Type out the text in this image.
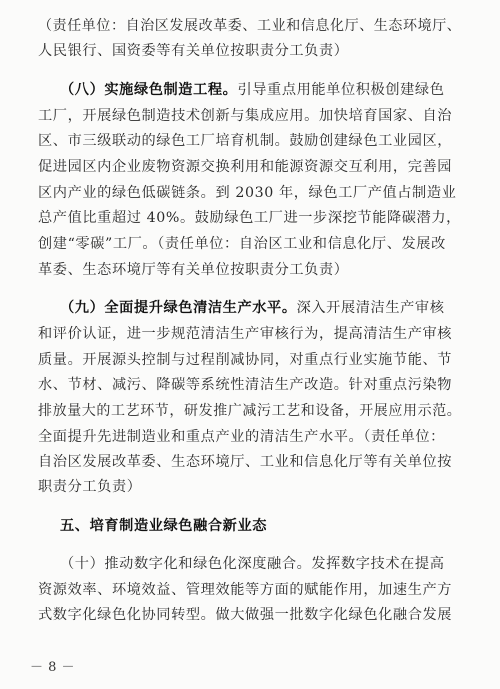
（责任单位：自治区发展改革委、工业和信息化厅、生态环境厅、
人民银行、国资委等有关单位按职责分工负责）
（八）实施绿色制造工程。引导重点用能单位积极创建绿色
工厂，开展绿色制造技术创新与集成应用。加快培育国家、自治
区、市三级联动的绿色工厂培育机制。鼓励创建绿色工业园区，
促进园区内企业废物资源交换利用和能源资源交互利用，完善园
区内产业的绿色低碳链条。到 2030 年，绿色工厂产值占制造业
总产值比重超过 40%。鼓励绿色工厂进一步深挖节能降碳潜力，
创建“零碳”工厂。（责任单位：自治区工业和信息化厅、发展改
革委、生态环境厅等有关单位按职责分工负责）
（九）全面提升绿色清洁生产水平。深入开展清洁生产审核
和评价认证，进一步规范清洁生产审核行为，提高清洁生产审核
质量。开展源头控制与过程削减协同，对重点行业实施节能、节
水、节材、减污、降碳等系统性清洁生产改造。针对重点污染物
排放量大的工艺环节，研发推广减污工艺和设备，开展应用示范。
全面提升先进制造业和重点产业的清洁生产水平。（责任单位：
自治区发展改革委、生态环境厅、工业和信息化厅等有关单位按
职责分工负责）
五、培育制造业绿色融合新业态
（十）推动数字化和绿色化深度融合。发挥数字技术在提高
资源效率、环境效益、管理效能等方面的赋能作用，加速生产方
式数字化绿色化协同转型。做大做强一批数字化绿色化融合发展
－ 8 －
